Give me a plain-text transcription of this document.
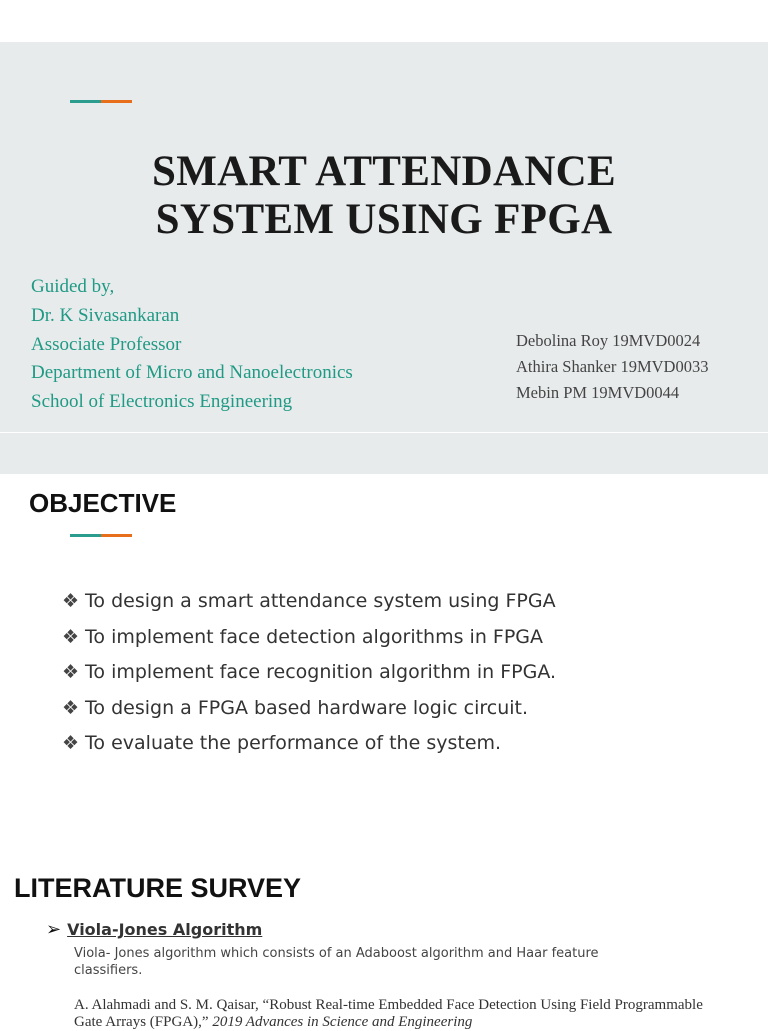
SMART ATTENDANCE
SYSTEM USING FPGA
Guided by,
Dr. K Sivasankaran
Associate Professor
Department of Micro and Nanoelectronics
School of Electronics Engineering
Debolina Roy 19MVD0024
Athira Shanker 19MVD0033
Mebin PM 19MVD0044
OBJECTIVE
❖ To design a smart attendance system using FPGA
❖ To implement face detection algorithms in FPGA
❖ To implement face recognition algorithm in FPGA.
❖ To design a FPGA based hardware logic circuit.
❖ To evaluate the performance of the system.
LITERATURE SURVEY
➢ Viola-Jones Algorithm
Viola- Jones algorithm which consists of an Adaboost algorithm and Haar feature classifiers.
A. Alahmadi and S. M. Qaisar, “Robust Real-time Embedded Face Detection Using Field Programmable Gate Arrays (FPGA),” 2019 Advances in Science and Engineering
